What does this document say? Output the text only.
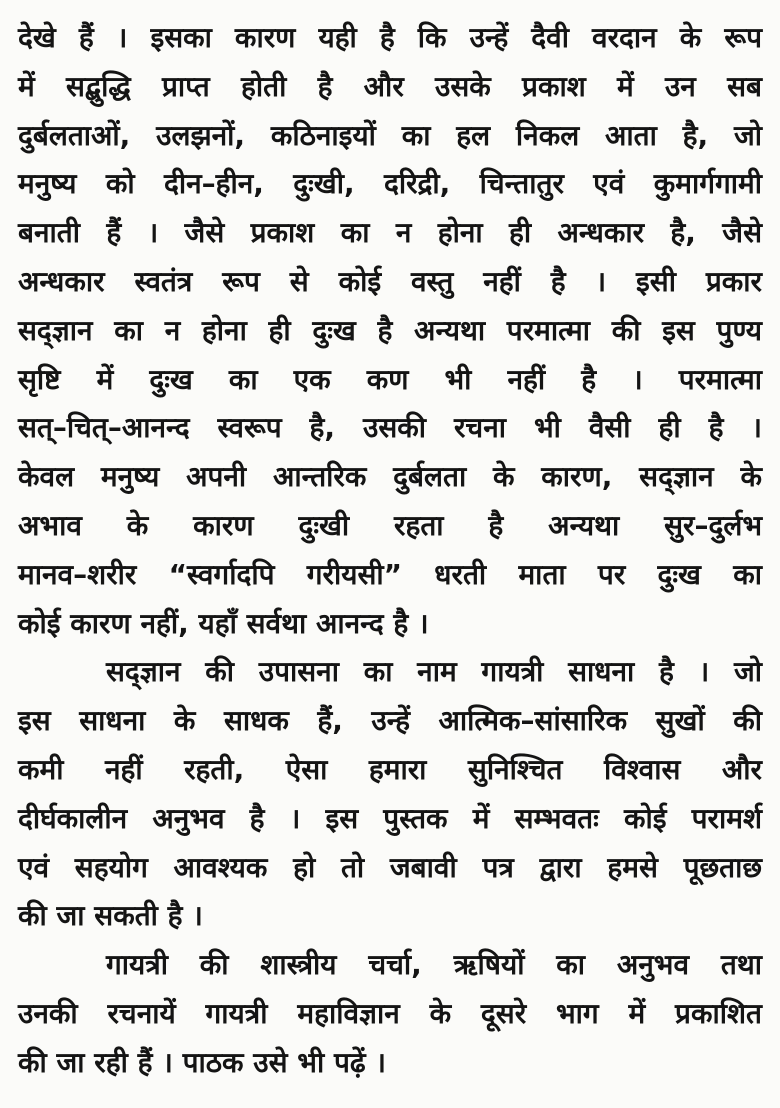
देखे हैं । इसका कारण यही है कि उन्हें दैवी वरदान के रूप
में सद्बुद्धि प्राप्त होती है और उसके प्रकाश में उन सब
दुर्बलताओं, उलझनों, कठिनाइयों का हल निकल आता है, जो
मनुष्य को दीन–हीन, दुःखी, दरिद्री, चिन्तातुर एवं कुमार्गगामी
बनाती हैं । जैसे प्रकाश का न होना ही अन्धकार है, जैसे
अन्धकार स्वतंत्र रूप से कोई वस्तु नहीं है । इसी प्रकार
सद्ज्ञान का न होना ही दुःख है अन्यथा परमात्मा की इस पुण्य
सृष्टि में दुःख का एक कण भी नहीं है । परमात्मा
सत्–चित्–आनन्द स्वरूप है, उसकी रचना भी वैसी ही है ।
केवल मनुष्य अपनी आन्तरिक दुर्बलता के कारण, सद्ज्ञान के
अभाव के कारण दुःखी रहता है अन्यथा सुर–दुर्लभ
मानव–शरीर “स्वर्गादपि गरीयसी” धरती माता पर दुःख का
कोई कारण नहीं, यहाँ सर्वथा आनन्द है ।
सद्ज्ञान की उपासना का नाम गायत्री साधना है । जो
इस साधना के साधक हैं, उन्हें आत्मिक–सांसारिक सुखों की
कमी नहीं रहती, ऐसा हमारा सुनिश्चित विश्वास और
दीर्घकालीन अनुभव है । इस पुस्तक में सम्भवतः कोई परामर्श
एवं सहयोग आवश्यक हो तो जबावी पत्र द्वारा हमसे पूछताछ
की जा सकती है ।
गायत्री की शास्त्रीय चर्चा, ऋषियों का अनुभव तथा
उनकी रचनायें गायत्री महाविज्ञान के दूसरे भाग में प्रकाशित
की जा रही हैं । पाठक उसे भी पढ़ें ।
